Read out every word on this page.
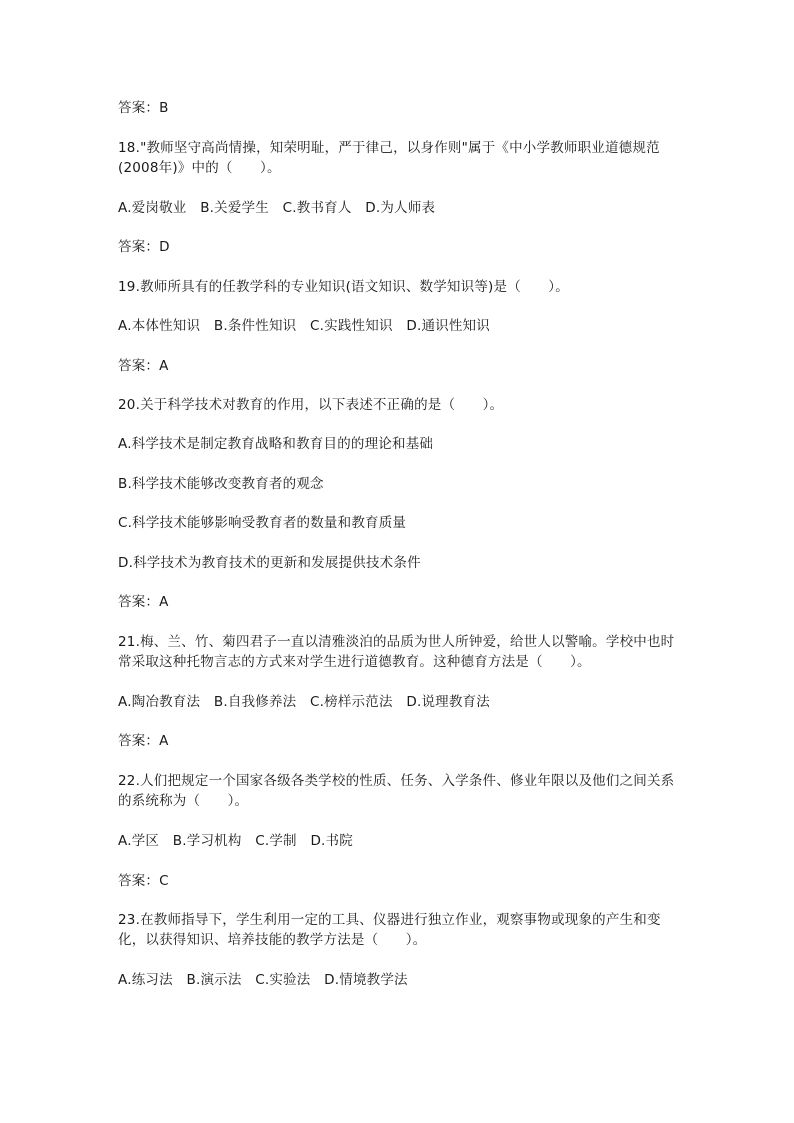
答案：B
18."教师坚守高尚情操，知荣明耻，严于律己，以身作则"属于《中小学教师职业道德规范(2008年)》中的（　　）。
A.爱岗敬业　B.关爱学生　C.教书育人　D.为人师表
答案：D
19.教师所具有的任教学科的专业知识(语文知识、数学知识等)是（　　）。
A.本体性知识　B.条件性知识　C.实践性知识　D.通识性知识
答案：A
20.关于科学技术对教育的作用，以下表述不正确的是（　　）。
A.科学技术是制定教育战略和教育目的的理论和基础
B.科学技术能够改变教育者的观念
C.科学技术能够影响受教育者的数量和教育质量
D.科学技术为教育技术的更新和发展提供技术条件
答案：A
21.梅、兰、竹、菊四君子一直以清雅淡泊的品质为世人所钟爱，给世人以警喻。学校中也时常采取这种托物言志的方式来对学生进行道德教育。这种德育方法是（　　）。
A.陶冶教育法　B.自我修养法　C.榜样示范法　D.说理教育法
答案：A
22.人们把规定一个国家各级各类学校的性质、任务、入学条件、修业年限以及他们之间关系的系统称为（　　）。
A.学区　B.学习机构　C.学制　D.书院
答案：C
23.在教师指导下，学生利用一定的工具、仪器进行独立作业，观察事物或现象的产生和变化，以获得知识、培养技能的教学方法是（　　）。
A.练习法　B.演示法　C.实验法　D.情境教学法
